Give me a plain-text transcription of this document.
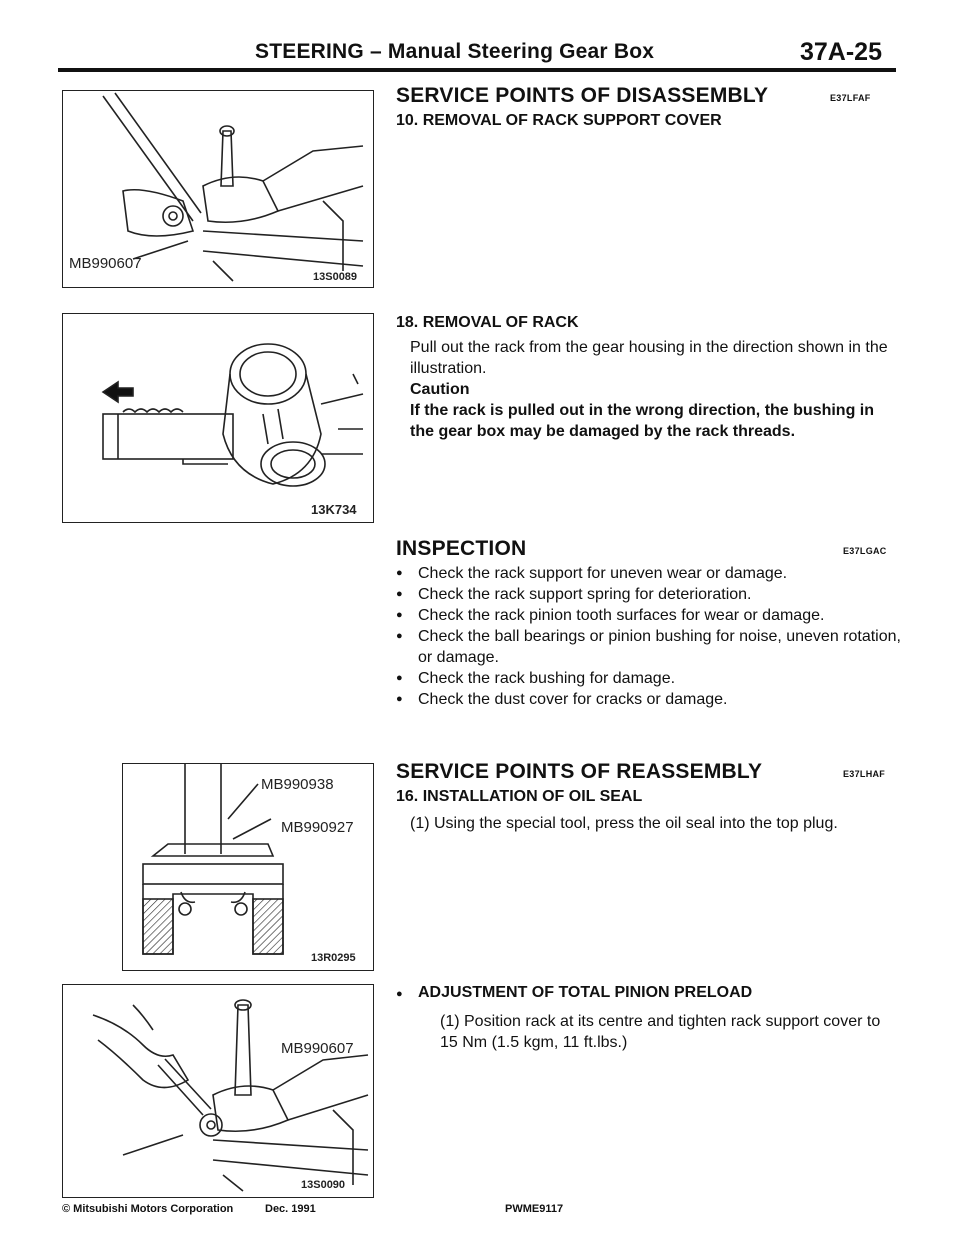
STEERING – Manual Steering Gear Box	37A-25
MB990607
13S0089
13K734
MB990938
MB990927
13R0295
MB990607
13S0090
SERVICE POINTS OF DISASSEMBLY	E37LFAF
10. REMOVAL OF RACK SUPPORT COVER
18. REMOVAL OF RACK
Pull out the rack from the gear housing in the direction shown in the illustration.
Caution
If the rack is pulled out in the wrong direction, the bushing in the gear box may be damaged by the rack threads.
INSPECTION	E37LGAC
● Check the rack support for uneven wear or damage.
● Check the rack support spring for deterioration.
● Check the rack pinion tooth surfaces for wear or damage.
● Check the ball bearings or pinion bushing for noise, uneven rotation, or damage.
● Check the rack bushing for damage.
● Check the dust cover for cracks or damage.
SERVICE POINTS OF REASSEMBLY	E37LHAF
16. INSTALLATION OF OIL SEAL
(1) Using the special tool, press the oil seal into the top plug.
● ADJUSTMENT OF TOTAL PINION PRELOAD
(1) Position rack at its centre and tighten rack support cover to 15 Nm (1.5 kgm, 11 ft.lbs.)
© Mitsubishi Motors Corporation	Dec. 1991	PWME9117
